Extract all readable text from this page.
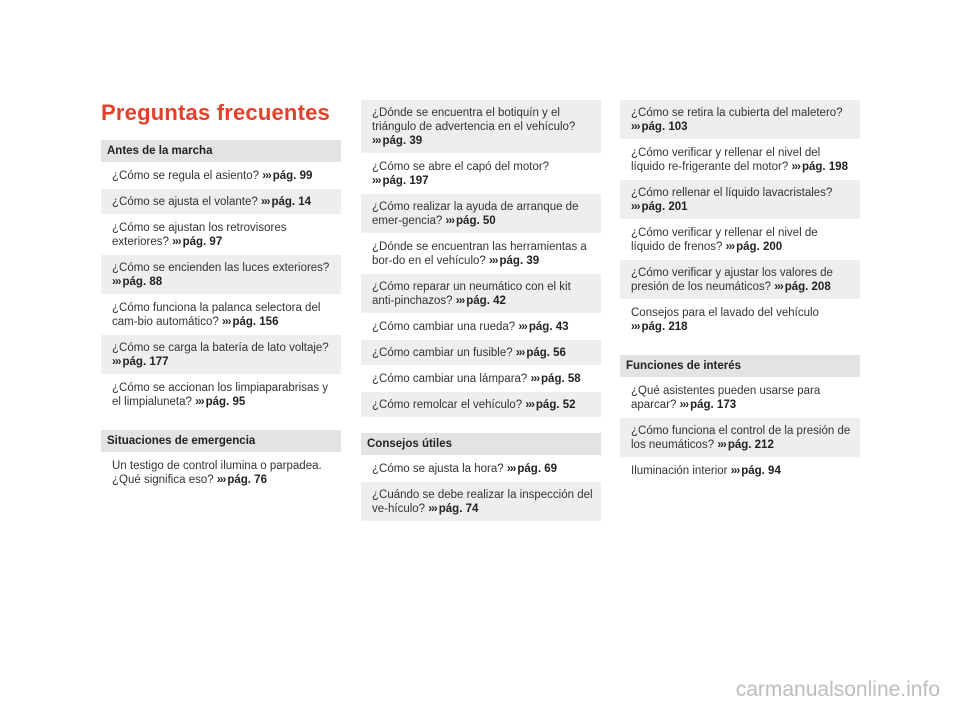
Preguntas frecuentes
Antes de la marcha
¿Cómo se regula el asiento? ››› pág. 99
¿Cómo se ajusta el volante? ››› pág. 14
¿Cómo se ajustan los retrovisores exteriores? ››› pág. 97
¿Cómo se encienden las luces exteriores? ››› pág. 88
¿Cómo funciona la palanca selectora del cam-bio automático? ››› pág. 156
¿Cómo se carga la batería de lato voltaje? ››› pág. 177
¿Cómo se accionan los limpiaparabrisas y el limpialuneta? ››› pág. 95
Situaciones de emergencia
Un testigo de control ilumina o parpadea. ¿Qué significa eso? ››› pág. 76
¿Dónde se encuentra el botiquín y el triángulo de advertencia en el vehículo? ››› pág. 39
¿Cómo se abre el capó del motor? ››› pág. 197
¿Cómo realizar la ayuda de arranque de emer-gencia? ››› pág. 50
¿Dónde se encuentran las herramientas a bor-do en el vehículo? ››› pág. 39
¿Cómo reparar un neumático con el kit anti-pinchazos? ››› pág. 42
¿Cómo cambiar una rueda? ››› pág. 43
¿Cómo cambiar un fusible? ››› pág. 56
¿Cómo cambiar una lámpara? ››› pág. 58
¿Cómo remolcar el vehículo? ››› pág. 52
Consejos útiles
¿Cómo se ajusta la hora? ››› pág. 69
¿Cuándo se debe realizar la inspección del ve-hículo? ››› pág. 74
¿Cómo se retira la cubierta del maletero? ››› pág. 103
¿Cómo verificar y rellenar el nivel del líquido re-frigerante del motor? ››› pág. 198
¿Cómo rellenar el líquido lavacristales? ››› pág. 201
¿Cómo verificar y rellenar el nivel de líquido de frenos? ››› pág. 200
¿Cómo verificar y ajustar los valores de presión de los neumáticos? ››› pág. 208
Consejos para el lavado del vehículo ››› pág. 218
Funciones de interés
¿Qué asistentes pueden usarse para aparcar? ››› pág. 173
¿Cómo funciona el control de la presión de los neumáticos? ››› pág. 212
Iluminación interior ››› pág. 94
carmanualsonline.info
